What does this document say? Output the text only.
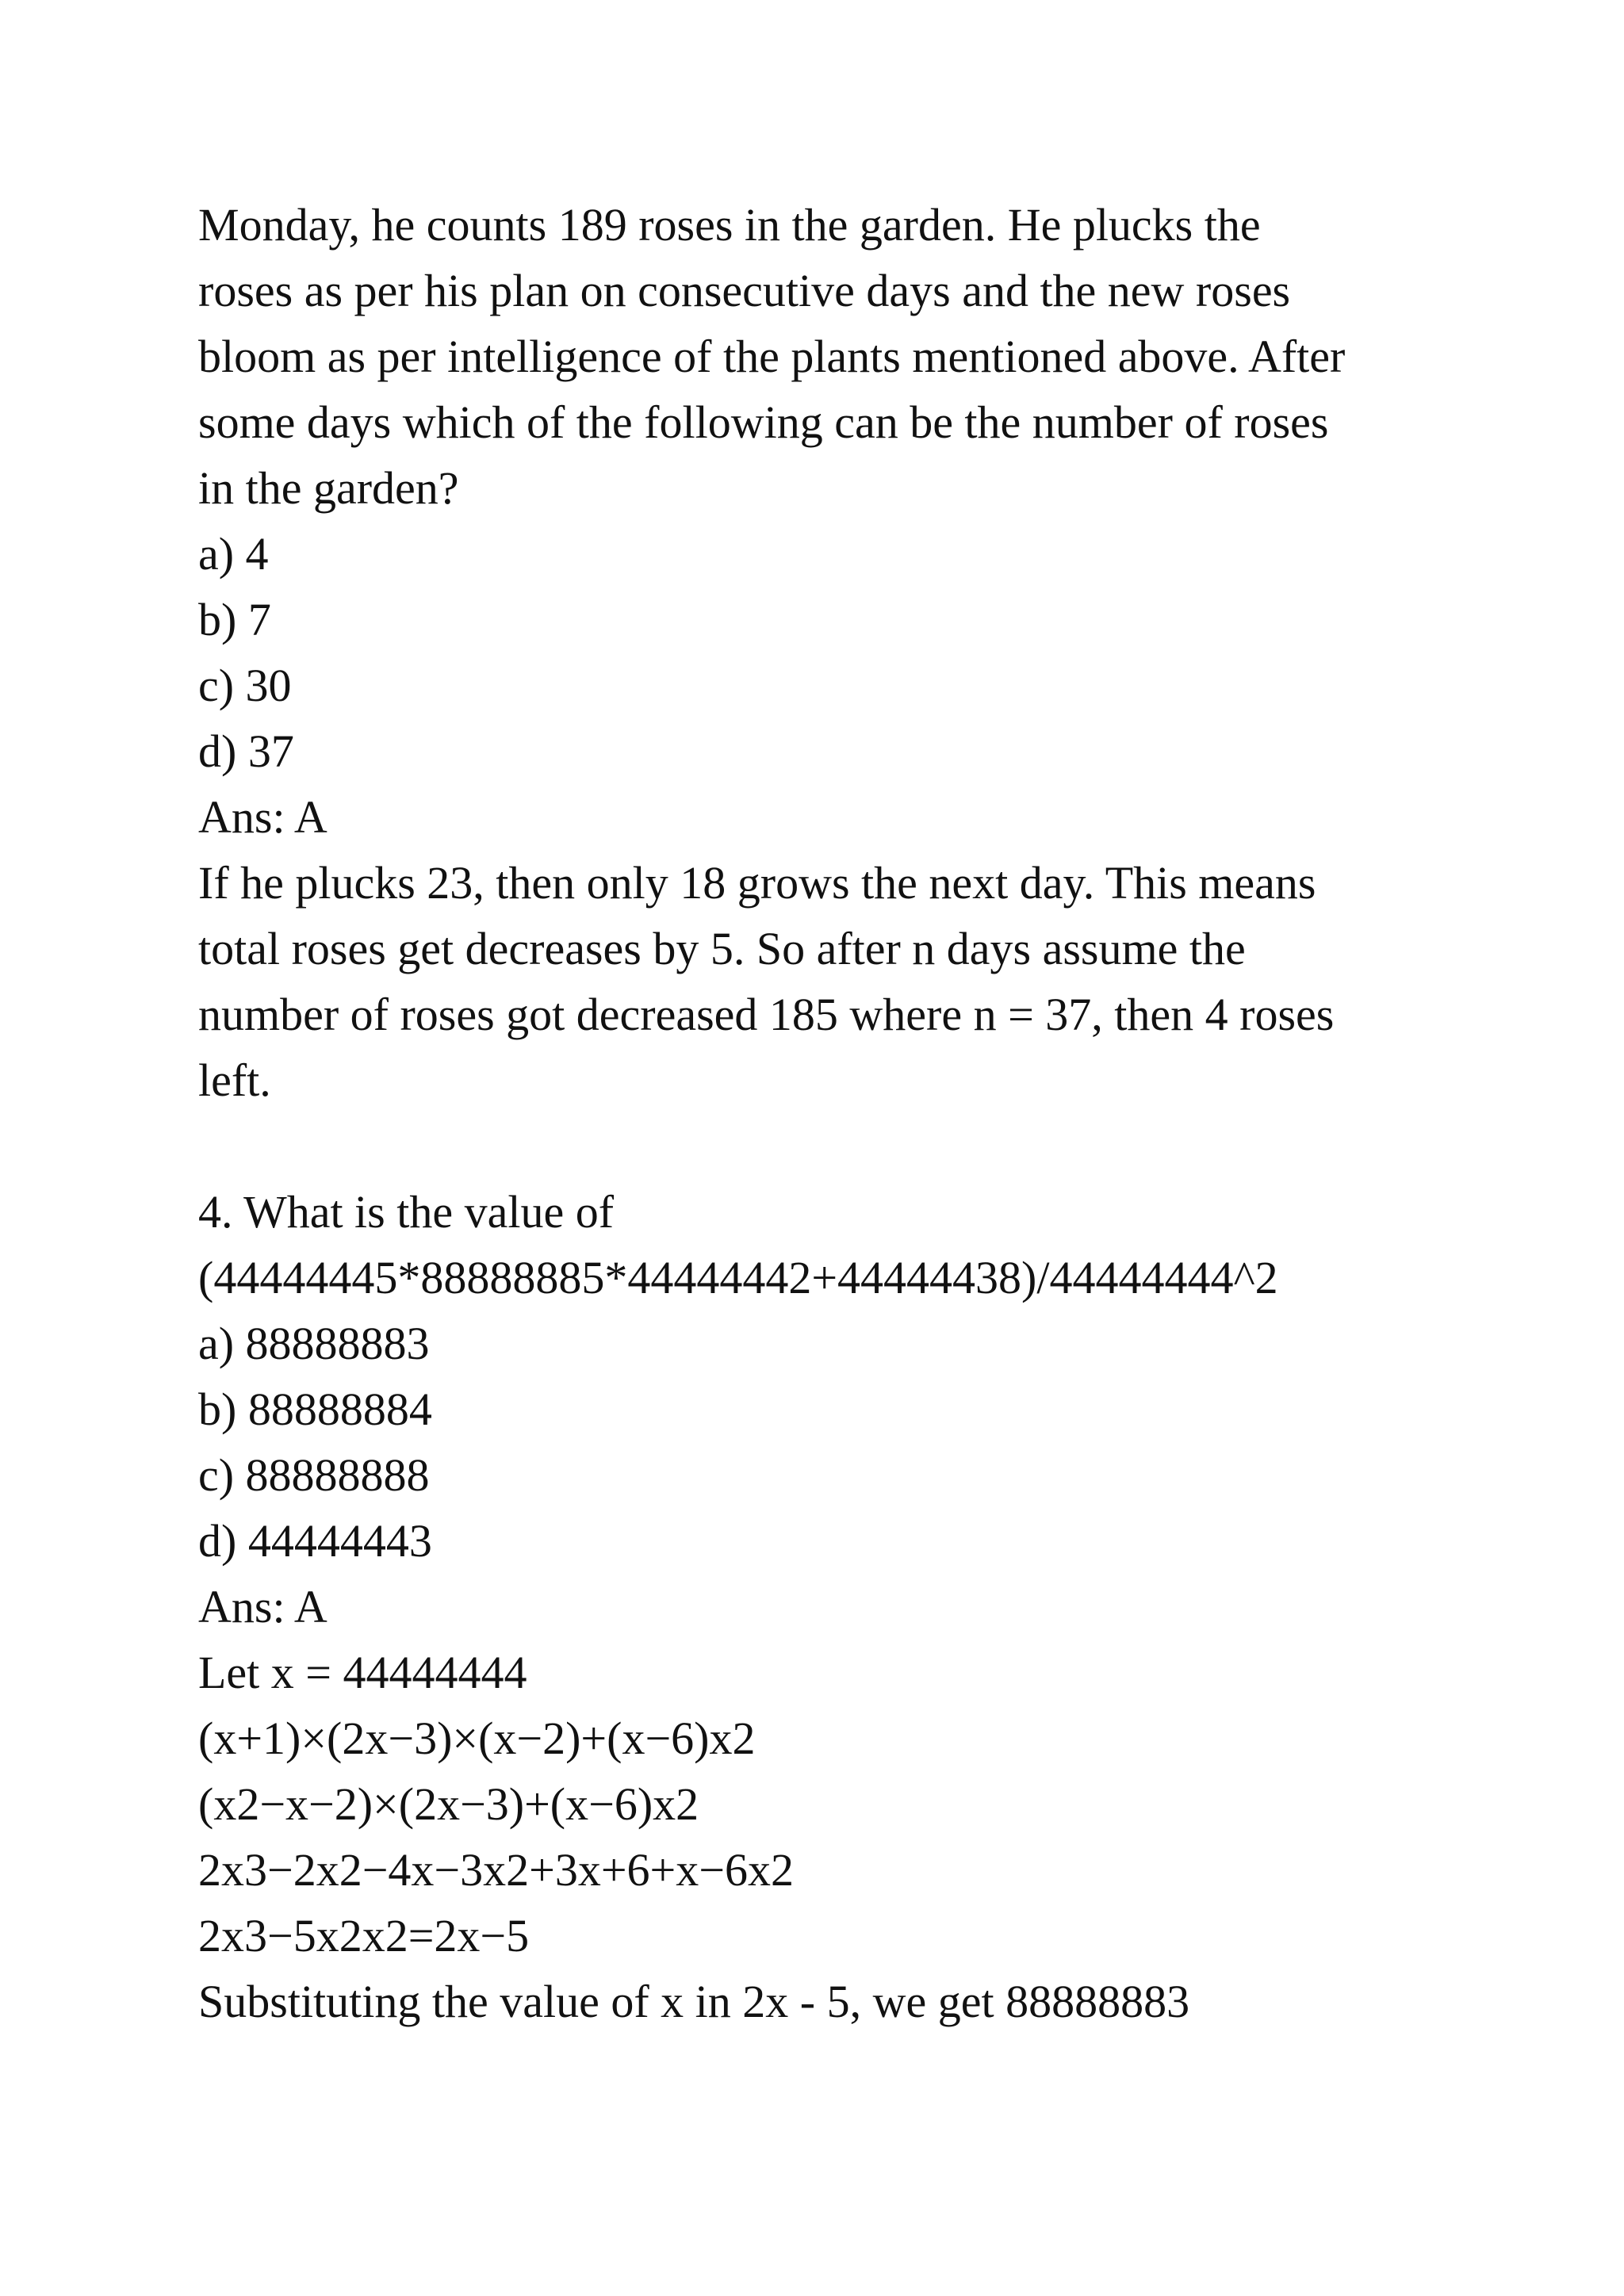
Monday, he counts 189 roses in the garden. He plucks the
roses as per his plan on consecutive days and the new roses
bloom as per intelligence of the plants mentioned above. After
some days which of the following can be the number of roses
in the garden?
a) 4
b) 7
c) 30
d) 37
Ans: A
If he plucks 23, then only 18 grows the next day. This means
total roses get decreases by 5. So after n days assume the
number of roses got decreased 185 where n = 37, then 4 roses
left.
4. What is the value of
(44444445*88888885*44444442+44444438)/44444444^2
a) 88888883
b) 88888884
c) 88888888
d) 44444443
Ans: A
Let x = 44444444
(x+1)×(2x−3)×(x−2)+(x−6)x2
(x2−x−2)×(2x−3)+(x−6)x2
2x3−2x2−4x−3x2+3x+6+x−6x2
2x3−5x2x2=2x−5
Substituting the value of x in 2x - 5, we get 88888883
